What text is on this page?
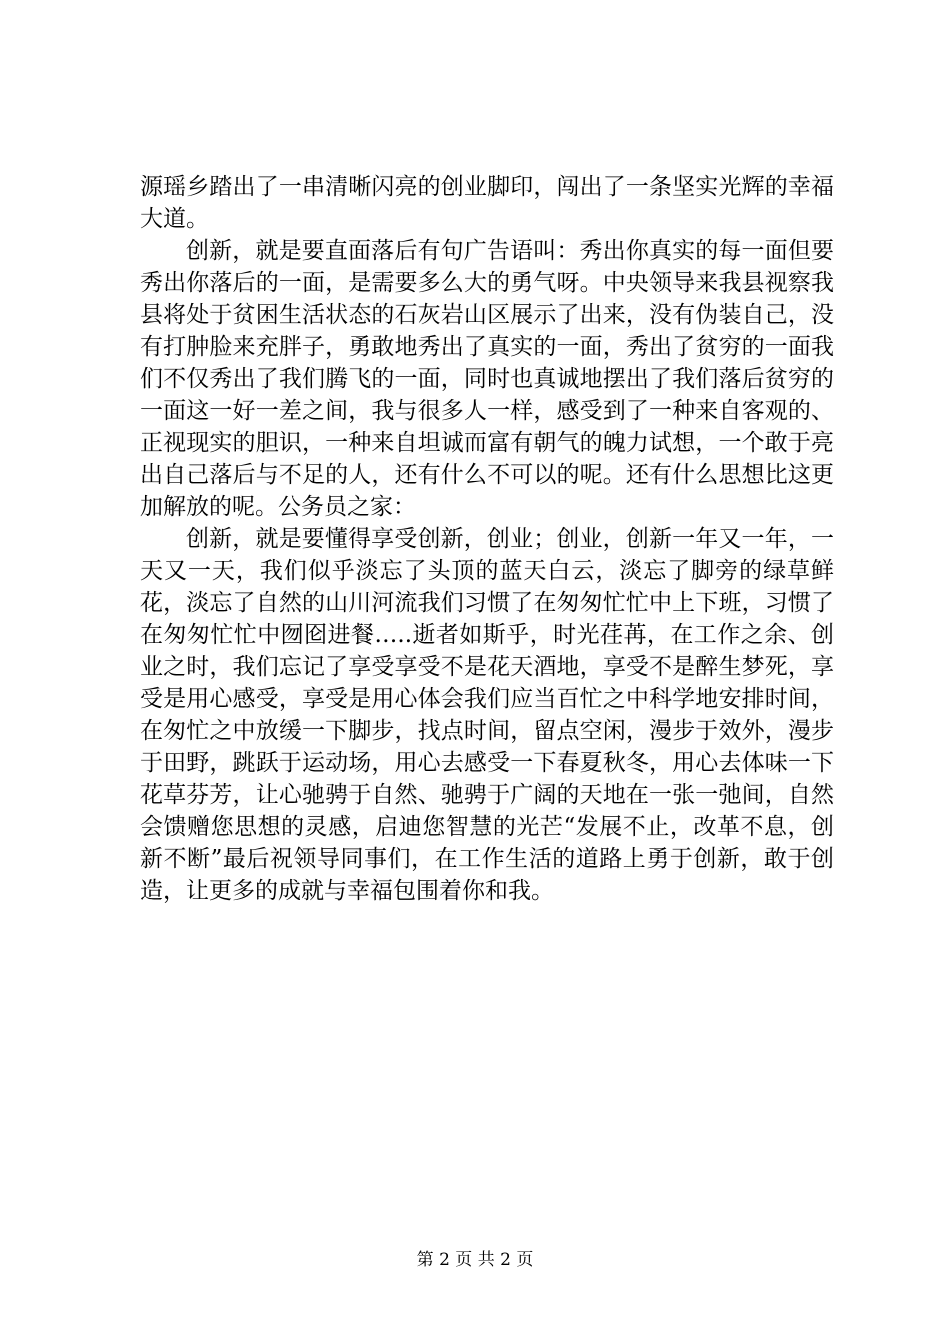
源瑶乡踏出了一串清晰闪亮的创业脚印，闯出了一条坚实光辉的幸福大道。

创新，就是要直面落后有句广告语叫：秀出你真实的每一面但要秀出你落后的一面，是需要多么大的勇气呀。中央领导来我县视察我县将处于贫困生活状态的石灰岩山区展示了出来，没有伪装自己，没有打肿脸来充胖子，勇敢地秀出了真实的一面，秀出了贫穷的一面我们不仅秀出了我们腾飞的一面，同时也真诚地摆出了我们落后贫穷的一面这一好一差之间，我与很多人一样，感受到了一种来自客观的、正视现实的胆识，一种来自坦诚而富有朝气的魄力试想，一个敢于亮出自己落后与不足的人，还有什么不可以的呢。还有什么思想比这更加解放的呢。公务员之家：

创新，就是要懂得享受创新，创业；创业，创新一年又一年，一天又一天，我们似乎淡忘了头顶的蓝天白云，淡忘了脚旁的绿草鲜花，淡忘了自然的山川河流我们习惯了在匆匆忙忙中上下班，习惯了在匆匆忙忙中囫囵进餐…..逝者如斯乎，时光荏苒，在工作之余、创业之时，我们忘记了享受享受不是花天酒地，享受不是醉生梦死，享受是用心感受，享受是用心体会我们应当百忙之中科学地安排时间，在匆忙之中放缓一下脚步，找点时间，留点空闲，漫步于效外，漫步于田野，跳跃于运动场，用心去感受一下春夏秋冬，用心去体味一下花草芬芳，让心驰骋于自然、驰骋于广阔的天地在一张一弛间，自然会馈赠您思想的灵感，启迪您智慧的光芒“发展不止，改革不息，创新不断”最后祝领导同事们，在工作生活的道路上勇于创新，敢于创造，让更多的成就与幸福包围着你和我。

第 2 页 共 2 页
